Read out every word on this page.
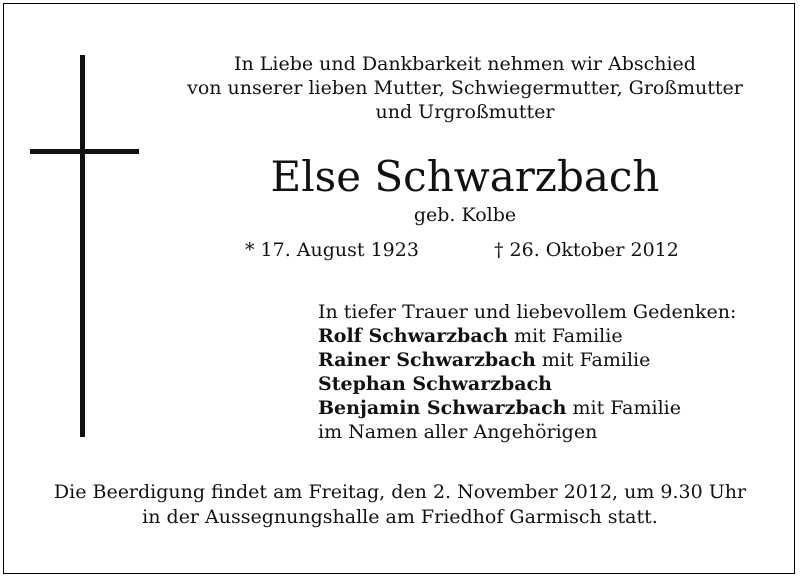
In Liebe und Dankbarkeit nehmen wir Abschied
von unserer lieben Mutter, Schwiegermutter, Großmutter
und Urgroßmutter
Else Schwarzbach
geb. Kolbe
* 17. August 1923	† 26. Oktober 2012
In tiefer Trauer und liebevollem Gedenken:
Rolf Schwarzbach mit Familie
Rainer Schwarzbach mit Familie
Stephan Schwarzbach
Benjamin Schwarzbach mit Familie
im Namen aller Angehörigen
Die Beerdigung findet am Freitag, den 2. November 2012, um 9.30 Uhr
in der Aussegnungshalle am Friedhof Garmisch statt.
